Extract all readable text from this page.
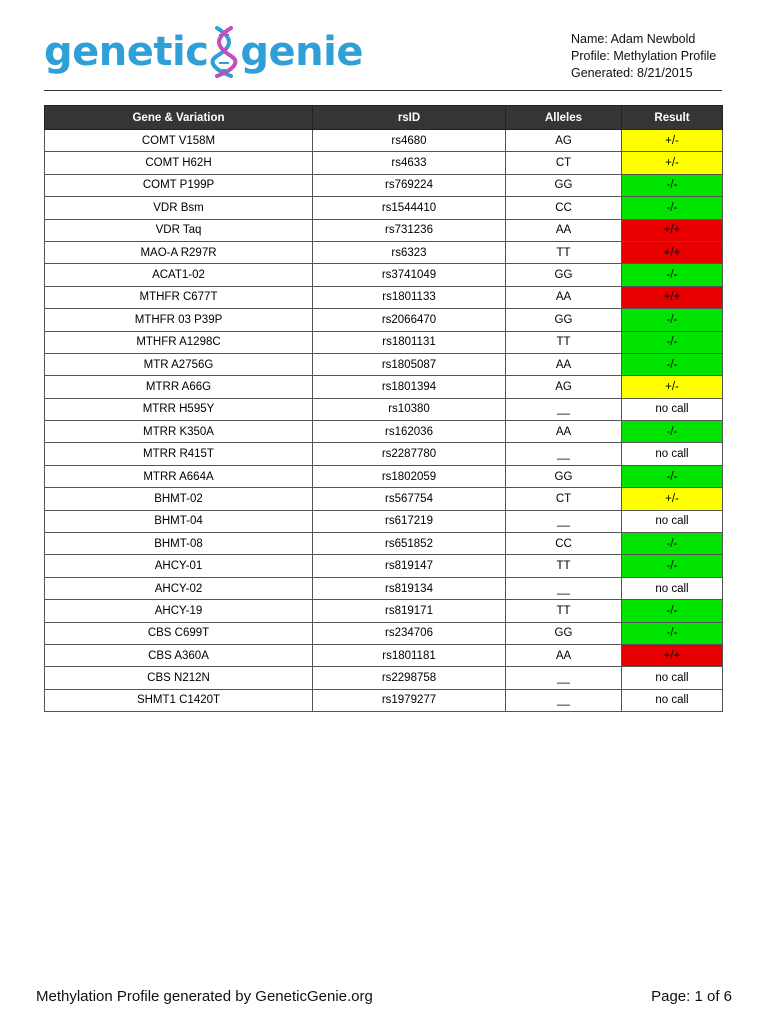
genetic genie	Name: Adam Newbold
Profile: Methylation Profile
Generated: 8/21/2015
Gene & Variation	rsID	Alleles	Result
COMT V158M	rs4680	AG	+/-
COMT H62H	rs4633	CT	+/-
COMT P199P	rs769224	GG	-/-
VDR Bsm	rs1544410	CC	-/-
VDR Taq	rs731236	AA	+/+
MAO-A R297R	rs6323	TT	+/+
ACAT1-02	rs3741049	GG	-/-
MTHFR C677T	rs1801133	AA	+/+
MTHFR 03 P39P	rs2066470	GG	-/-
MTHFR A1298C	rs1801131	TT	-/-
MTR A2756G	rs1805087	AA	-/-
MTRR A66G	rs1801394	AG	+/-
MTRR H595Y	rs10380	__	no call
MTRR K350A	rs162036	AA	-/-
MTRR R415T	rs2287780	__	no call
MTRR A664A	rs1802059	GG	-/-
BHMT-02	rs567754	CT	+/-
BHMT-04	rs617219	__	no call
BHMT-08	rs651852	CC	-/-
AHCY-01	rs819147	TT	-/-
AHCY-02	rs819134	__	no call
AHCY-19	rs819171	TT	-/-
CBS C699T	rs234706	GG	-/-
CBS A360A	rs1801181	AA	+/+
CBS N212N	rs2298758	__	no call
SHMT1 C1420T	rs1979277	__	no call
Methylation Profile generated by GeneticGenie.org	Page: 1 of 6
